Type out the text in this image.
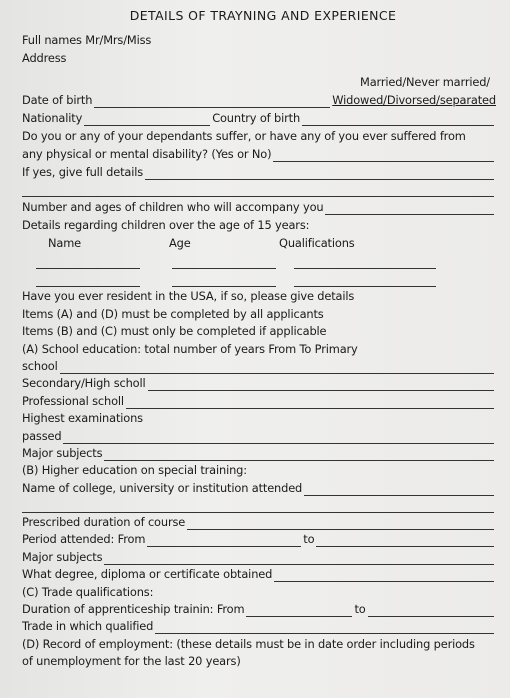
DETAILS OF TRAYNING AND EXPERIENCE
Full names Mr/Mrs/Miss
Address
Married/Never married/
Date of birth	Widowed/Divorsed/separated
Nationality	Country of birth
Do you or any of your dependants suffer, or have any of you ever suffered from
any physical or mental disability? (Yes or No)
If yes, give full details
Number and ages of children who will accompany you
Details regarding children over the age of 15 years:
Name	Age	Qualifications
Have you ever resident in the USA, if so, please give details
Items (A) and (D) must be completed by all applicants
Items (B) and (C) must only be completed if applicable
(A) School education: total number of years From To Primary
school
Secondary/High scholl
Professional scholl
Highest examinations
passed
Major subjects
(B) Higher education on special training:
Name of college, university or institution attended
Prescribed duration of course
Period attended: From	to
Major subjects
What degree, diploma or certificate obtained
(C) Trade qualifications:
Duration of apprenticeship trainin: From	to
Trade in which qualified
(D) Record of employment: (these details must be in date order including periods
of unemployment for the last 20 years)
